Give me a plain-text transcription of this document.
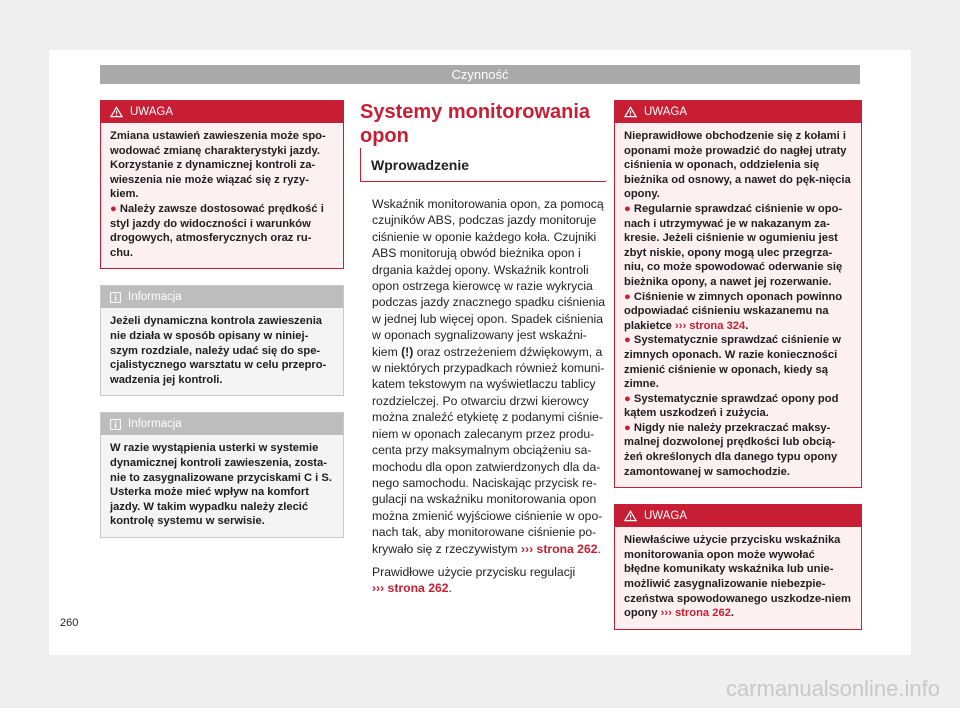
Czynność
UWAGA

Zmiana ustawień zawieszenia może spo-wodować zmianę charakterystyki jazdy. Korzystanie z dynamicznej kontroli za-wieszenia nie może wiązać się z ryzy-kiem.

● Należy zawsze dostosować prędkość i styl jazdy do widoczności i warunków drogowych, atmosferycznych oraz ru-chu.

Informacja

Jeżeli dynamiczna kontrola zawieszenia nie działa w sposób opisany w niniej-szym rozdziale, należy udać się do spe-cjalistycznego warsztatu w celu przepro-wadzenia jej kontroli.

Informacja

W razie wystąpienia usterki w systemie dynamicznej kontroli zawieszenia, zosta-nie to zasygnalizowane przyciskami C i S. Usterka może mieć wpływ na komfort jazdy. W takim wypadku należy zlecić kontrolę systemu w serwisie.

Systemy monitorowania opon
Wprowadzenie

Wskaźnik monitorowania opon, za pomocą czujników ABS, podczas jazdy monitoruje ciśnienie w oponie każdego koła. Czujniki ABS monitorują obwód bieżnika opon i drgania każdej opony. Wskaźnik kontroli opon ostrzega kierowcę w razie wykrycia podczas jazdy znacznego spadku ciśnienia w jednej lub więcej opon. Spadek ciśnienia w oponach sygnalizowany jest wskaźni-kiem (!) oraz ostrzeżeniem dźwiękowym, a w niektórych przypadkach również komuni-katem tekstowym na wyświetlaczu tablicy rozdzielczej. Po otwarciu drzwi kierowcy można znaleźć etykietę z podanymi ciśnie-niem w oponach zalecanym przez produ-centa przy maksymalnym obciążeniu sa-mochodu dla opon zatwierdzonych dla da-nego samochodu. Naciskając przycisk re-gulacji na wskaźniku monitorowania opon można zmienić wyjściowe ciśnienie w opo-nach tak, aby monitorowane ciśnienie po-krywało się z rzeczywistym ››› strona 262.

Prawidłowe użycie przycisku regulacji
››› strona 262.

UWAGA

Nieprawidłowe obchodzenie się z kołami i oponami może prowadzić do nagłej utraty ciśnienia w oponach, oddzielenia się bieżnika od osnowy, a nawet do pęk-nięcia opony.

● Regularnie sprawdzać ciśnienie w opo-nach i utrzymywać je w nakazanym za-kresie. Jeżeli ciśnienie w ogumieniu jest zbyt niskie, opony mogą ulec przegrza-niu, co może spowodować oderwanie się bieżnika opony, a nawet jej rozerwanie.

● Ciśnienie w zimnych oponach powinno odpowiadać ciśnieniu wskazanemu na plakietce ››› strona 324.

● Systematycznie sprawdzać ciśnienie w zimnych oponach. W razie konieczności zmienić ciśnienie w oponach, kiedy są zimne.

● Systematycznie sprawdzać opony pod kątem uszkodzeń i zużycia.

● Nigdy nie należy przekraczać maksy-malnej dozwolonej prędkości lub obcią-żeń określonych dla danego typu opony zamontowanej w samochodzie.

UWAGA

Niewłaściwe użycie przycisku wskaźnika monitorowania opon może wywołać błędne komunikaty wskaźnika lub unie-możliwić zasygnalizowanie niebezpie-czeństwa spowodowanego uszkodze-niem opony ››› strona 262.

260
carmanualsonline.info
